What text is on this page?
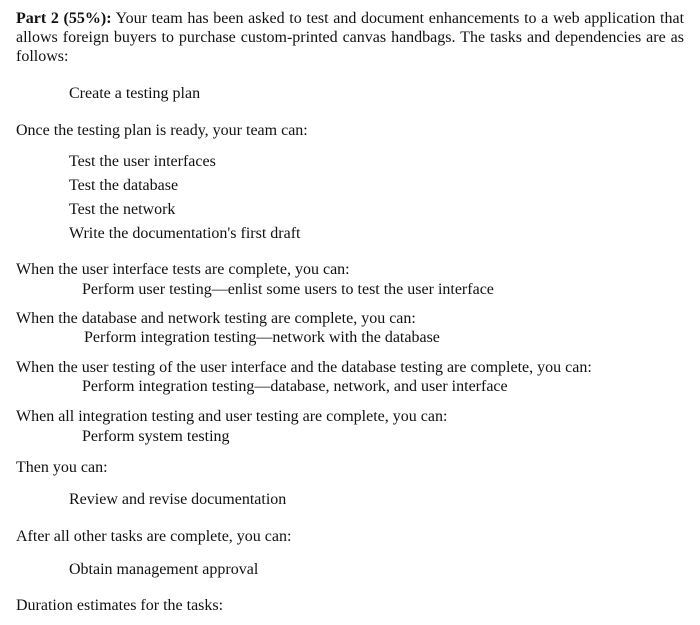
Part 2 (55%): Your team has been asked to test and document enhancements to a web application that allows foreign buyers to purchase custom-printed canvas handbags. The tasks and dependencies are as follows:

Create a testing plan
Once the testing plan is ready, your team can:
Test the user interfaces
Test the database
Test the network
Write the documentation's first draft
When the user interface tests are complete, you can:
Perform user testing—enlist some users to test the user interface
When the database and network testing are complete, you can:
Perform integration testing—network with the database
When the user testing of the user interface and the database testing are complete, you can:
Perform integration testing—database, network, and user interface
When all integration testing and user testing are complete, you can:
Perform system testing
Then you can:
Review and revise documentation
After all other tasks are complete, you can:
Obtain management approval
Duration estimates for the tasks:
